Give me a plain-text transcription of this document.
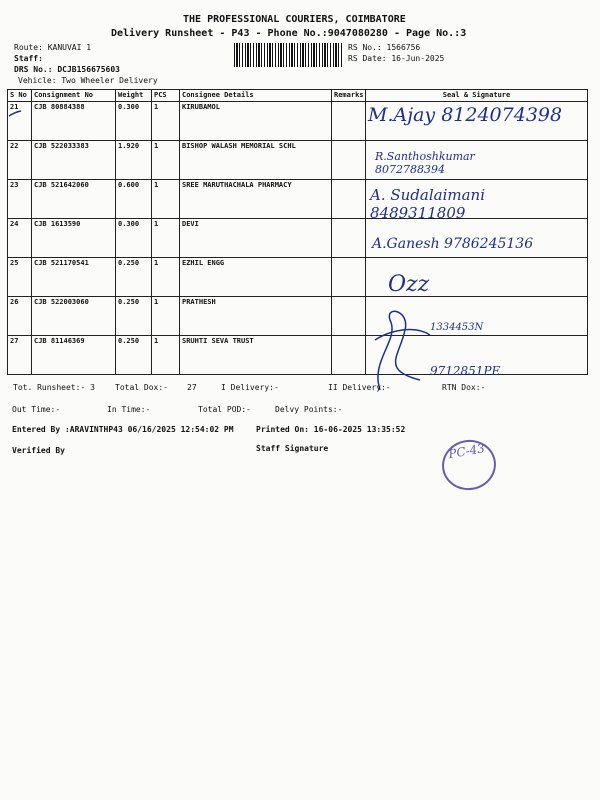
THE PROFESSIONAL COURIERS, COIMBATORE
Delivery Runsheet - P43 - Phone No.:9047080280 - Page No.:3
Route: KANUVAI 1
Staff:
DRS No.: DCJB156675603
Vehicle: Two Wheeler Delivery
RS No.: 1566756
RS Date: 16-Jun-2025
S No	Consignment No	Weight	PCS	Consignee Details	Remarks	Seal & Signature
21	CJB 80884388	0.300	1	KIRUBAMOL		
22	CJB 522033383	1.920	1	BISHOP WALASH MEMORIAL SCHL		
23	CJB 521642060	0.600	1	SREE MARUTHACHALA PHARMACY		
24	CJB 1613590	0.300	1	DEVI		
25	CJB 521170541	0.250	1	EZHIL ENGG		
26	CJB 522003060	0.250	1	PRATHESH		
27	CJB 81146369	0.250	1	SRUHTI SEVA TRUST		
M.Ajay 8124074398
R.Santhoshkumar 8072788394
A. Sudalaimani 8489311809
A.Ganesh 9786245136
Ozz
1334453N
9712851PE
Tot. Runsheet:- 3	Total Dox:-	27	I Delivery:-	II Delivery:-	RTN Dox:-
Out Time:-	In Time:-	Total POD:-	Delvy Points:-
Entered By :ARAVINTHP43 06/16/2025 12:54:02 PM	Printed On: 16-06-2025 13:35:52
Verified By	Staff Signature	PC-43
